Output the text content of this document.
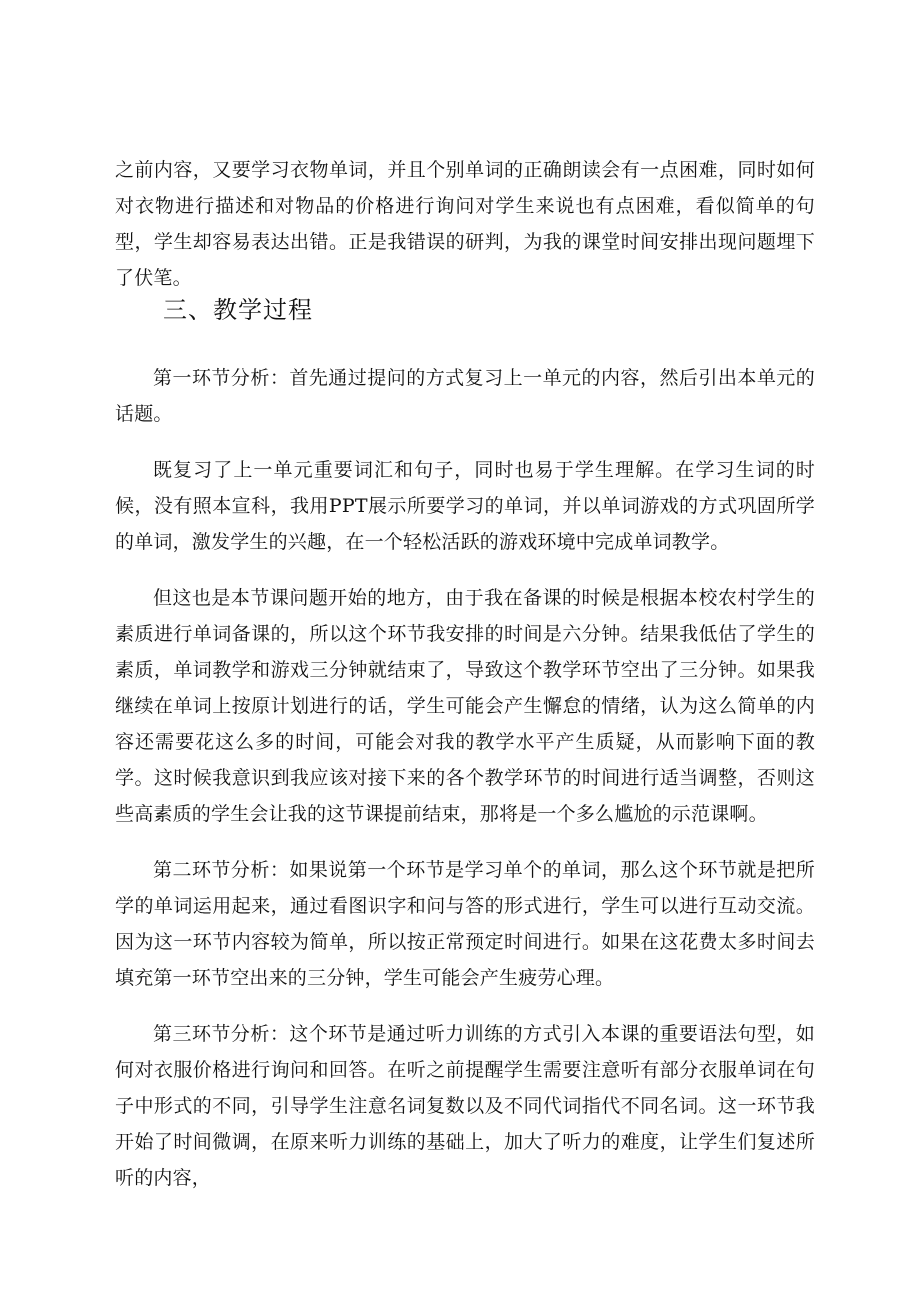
之前内容，又要学习衣物单词，并且个别单词的正确朗读会有一点困难，同时如何对衣物进行描述和对物品的价格进行询问对学生来说也有点困难，看似简单的句型，学生却容易表达出错。正是我错误的研判，为我的课堂时间安排出现问题埋下了伏笔。
三、教学过程
第一环节分析：首先通过提问的方式复习上一单元的内容，然后引出本单元的话题。
既复习了上一单元重要词汇和句子，同时也易于学生理解。在学习生词的时候，没有照本宣科，我用PPT展示所要学习的单词，并以单词游戏的方式巩固所学的单词，激发学生的兴趣，在一个轻松活跃的游戏环境中完成单词教学。
但这也是本节课问题开始的地方，由于我在备课的时候是根据本校农村学生的素质进行单词备课的，所以这个环节我安排的时间是六分钟。结果我低估了学生的素质，单词教学和游戏三分钟就结束了，导致这个教学环节空出了三分钟。如果我继续在单词上按原计划进行的话，学生可能会产生懈怠的情绪，认为这么简单的内容还需要花这么多的时间，可能会对我的教学水平产生质疑，从而影响下面的教学。这时候我意识到我应该对接下来的各个教学环节的时间进行适当调整，否则这些高素质的学生会让我的这节课提前结束，那将是一个多么尴尬的示范课啊。
第二环节分析：如果说第一个环节是学习单个的单词，那么这个环节就是把所学的单词运用起来，通过看图识字和问与答的形式进行，学生可以进行互动交流。因为这一环节内容较为简单，所以按正常预定时间进行。如果在这花费太多时间去填充第一环节空出来的三分钟，学生可能会产生疲劳心理。
第三环节分析：这个环节是通过听力训练的方式引入本课的重要语法句型，如何对衣服价格进行询问和回答。在听之前提醒学生需要注意听有部分衣服单词在句子中形式的不同，引导学生注意名词复数以及不同代词指代不同名词。这一环节我开始了时间微调，在原来听力训练的基础上，加大了听力的难度，让学生们复述所听的内容，
